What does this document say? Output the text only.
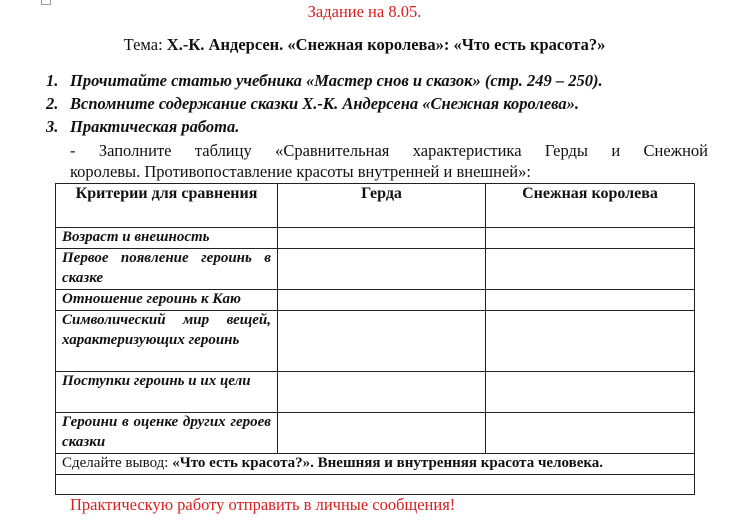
Задание на 8.05.
Тема: Х.-К. Андерсен. «Снежная королева»: «Что есть красота?»
1. Прочитайте статью учебника «Мастер снов и сказок» (стр. 249 – 250).
2. Вспомните содержание сказки Х.-К. Андерсена «Снежная королева».
3. Практическая работа.
- Заполните таблицу «Сравнительная характеристика Герды и Снежной
королевы. Противопоставление красоты внутренней и внешней»:
Критерии для сравнения	Герда	Снежная королева
Возраст и внешность		
Первое появление героинь в сказке		
Отношение героинь к Каю		
Символический мир вещей, характеризующих героинь		
Поступки героинь и их цели		
Героини в оценке других героев сказки		
Сделайте вывод: «Что есть красота?». Внешняя и внутренняя красота человека.		

Практическую работу отправить в личные сообщения!
